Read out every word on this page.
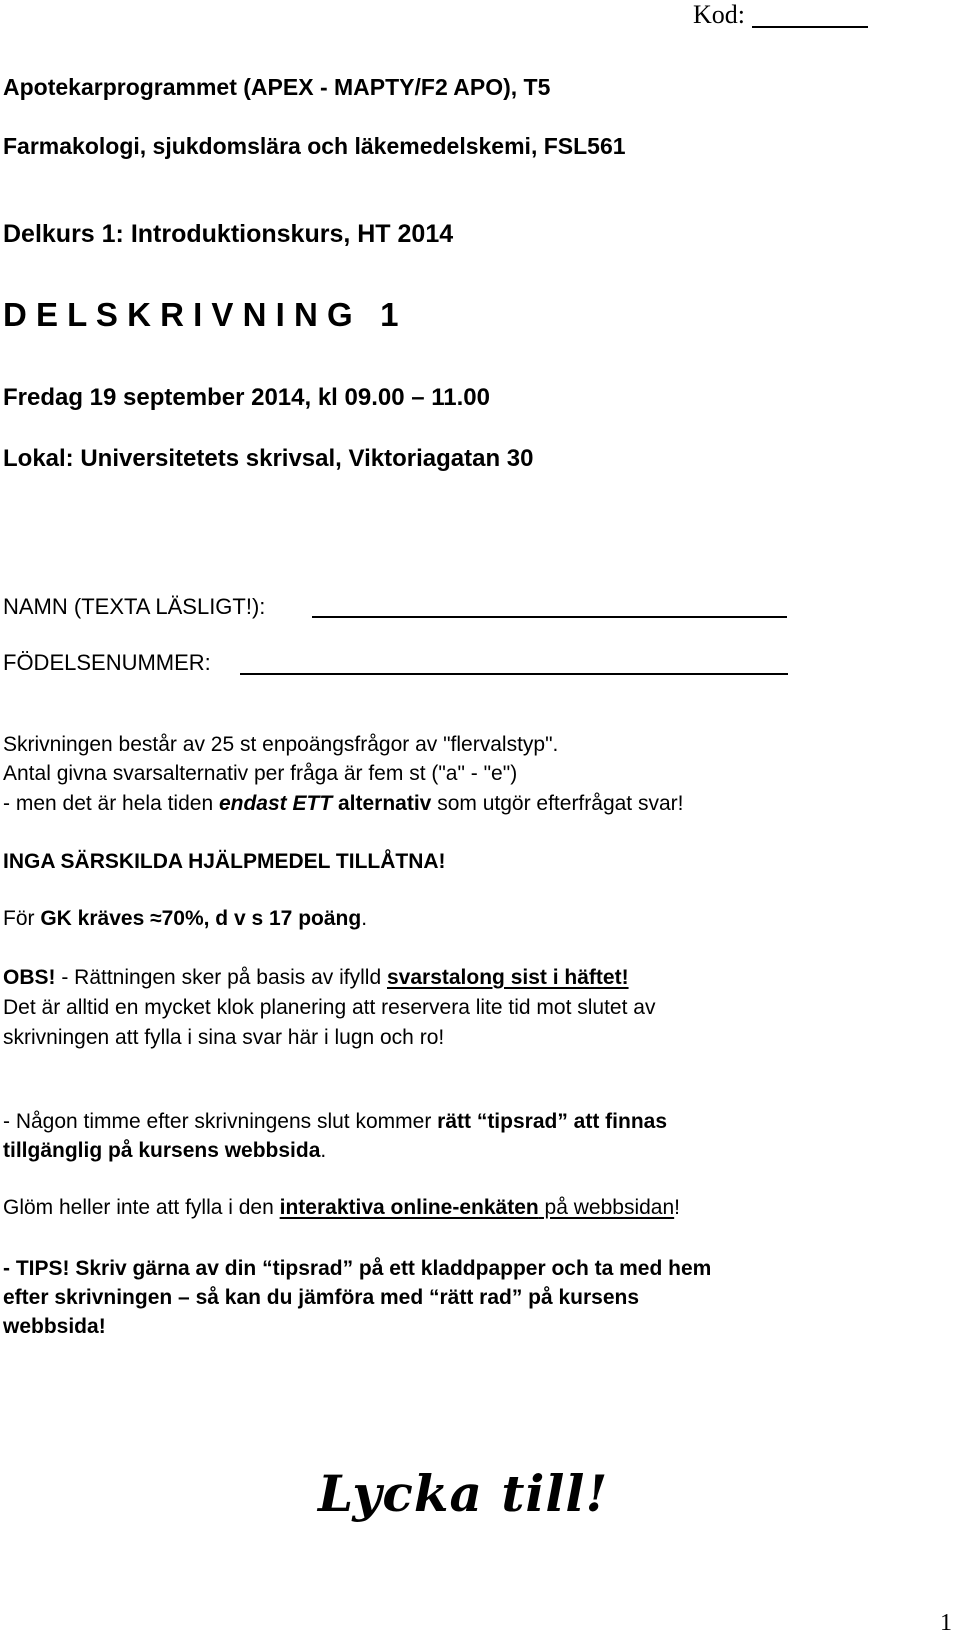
Kod:
Apotekarprogrammet (APEX - MAPTY/F2 APO), T5
Farmakologi, sjukdomslära och läkemedelskemi, FSL561
Delkurs 1: Introduktionskurs, HT 2014
D E L S K R I V N I N G   1
Fredag 19 september 2014, kl 09.00 – 11.00
Lokal: Universitetets skrivsal, Viktoriagatan 30
NAMN (TEXTA LÄSLIGT!):
FÖDELSENUMMER:
Skrivningen består av 25 st enpoängsfrågor av "flervalstyp".
Antal givna svarsalternativ per fråga är fem st ("a" - "e")
- men det är hela tiden endast ETT alternativ som utgör efterfrågat svar!
INGA SÄRSKILDA HJÄLPMEDEL TILLÅTNA!
För GK kräves ≈70%, d v s 17 poäng.
OBS! - Rättningen sker på basis av ifylld svarstalong sist i häftet!
Det är alltid en mycket klok planering att reservera lite tid mot slutet av
skrivningen att fylla i sina svar här i lugn och ro!
- Någon timme efter skrivningens slut kommer rätt “tipsrad” att finnas
tillgänglig på kursens webbsida.
Glöm heller inte att fylla i den interaktiva online-enkäten på webbsidan!
- TIPS! Skriv gärna av din “tipsrad” på ett kladdpapper och ta med hem
efter skrivningen – så kan du jämföra med “rätt rad” på kursens
webbsida!
Lycka till!
1
